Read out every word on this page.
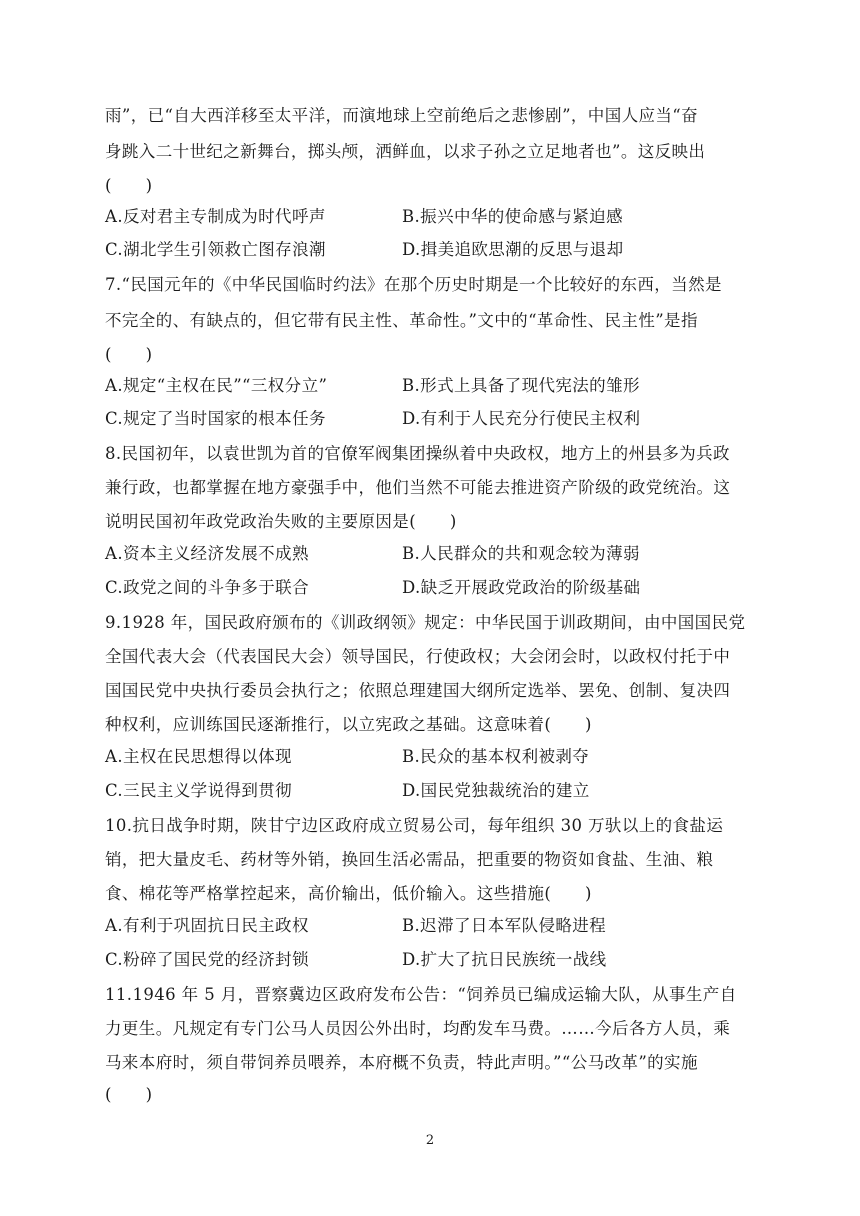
雨”，已“自大西洋移至太平洋，而演地球上空前绝后之悲惨剧”，中国人应当“奋
身跳入二十世纪之新舞台，掷头颅，洒鲜血，以求子孙之立足地者也”。这反映出
(　　)
A.反对君主专制成为时代呼声	B.振兴中华的使命感与紧迫感
C.湖北学生引领救亡图存浪潮	D.揖美追欧思潮的反思与退却
7.“民国元年的《中华民国临时约法》在那个历史时期是一个比较好的东西，当然是
不完全的、有缺点的，但它带有民主性、革命性。”文中的“革命性、民主性”是指
(　　)
A.规定“主权在民”“三权分立”	B.形式上具备了现代宪法的雏形
C.规定了当时国家的根本任务	D.有利于人民充分行使民主权利
8.民国初年，以袁世凯为首的官僚军阀集团操纵着中央政权，地方上的州县多为兵政
兼行政，也都掌握在地方豪强手中，他们当然不可能去推进资产阶级的政党统治。这
说明民国初年政党政治失败的主要原因是(　　)
A.资本主义经济发展不成熟	B.人民群众的共和观念较为薄弱
C.政党之间的斗争多于联合	D.缺乏开展政党政治的阶级基础
9.1928 年，国民政府颁布的《训政纲领》规定：中华民国于训政期间，由中国国民党
全国代表大会（代表国民大会）领导国民，行使政权；大会闭会时，以政权付托于中
国国民党中央执行委员会执行之；依照总理建国大纲所定选举、罢免、创制、复决四
种权利，应训练国民逐渐推行，以立宪政之基础。这意味着(　　)
A.主权在民思想得以体现	B.民众的基本权利被剥夺
C.三民主义学说得到贯彻	D.国民党独裁统治的建立
10.抗日战争时期，陕甘宁边区政府成立贸易公司，每年组织 30 万驮以上的食盐运
销，把大量皮毛、药材等外销，换回生活必需品，把重要的物资如食盐、生油、粮
食、棉花等严格掌控起来，高价输出，低价输入。这些措施(　　)
A.有利于巩固抗日民主政权	B.迟滞了日本军队侵略进程
C.粉碎了国民党的经济封锁	D.扩大了抗日民族统一战线
11.1946 年 5 月，晋察冀边区政府发布公告：“饲养员已编成运输大队，从事生产自
力更生。凡规定有专门公马人员因公外出时，均酌发车马费。……今后各方人员，乘
马来本府时，须自带饲养员喂养，本府概不负责，特此声明。”“公马改革”的实施
(　　)
2
